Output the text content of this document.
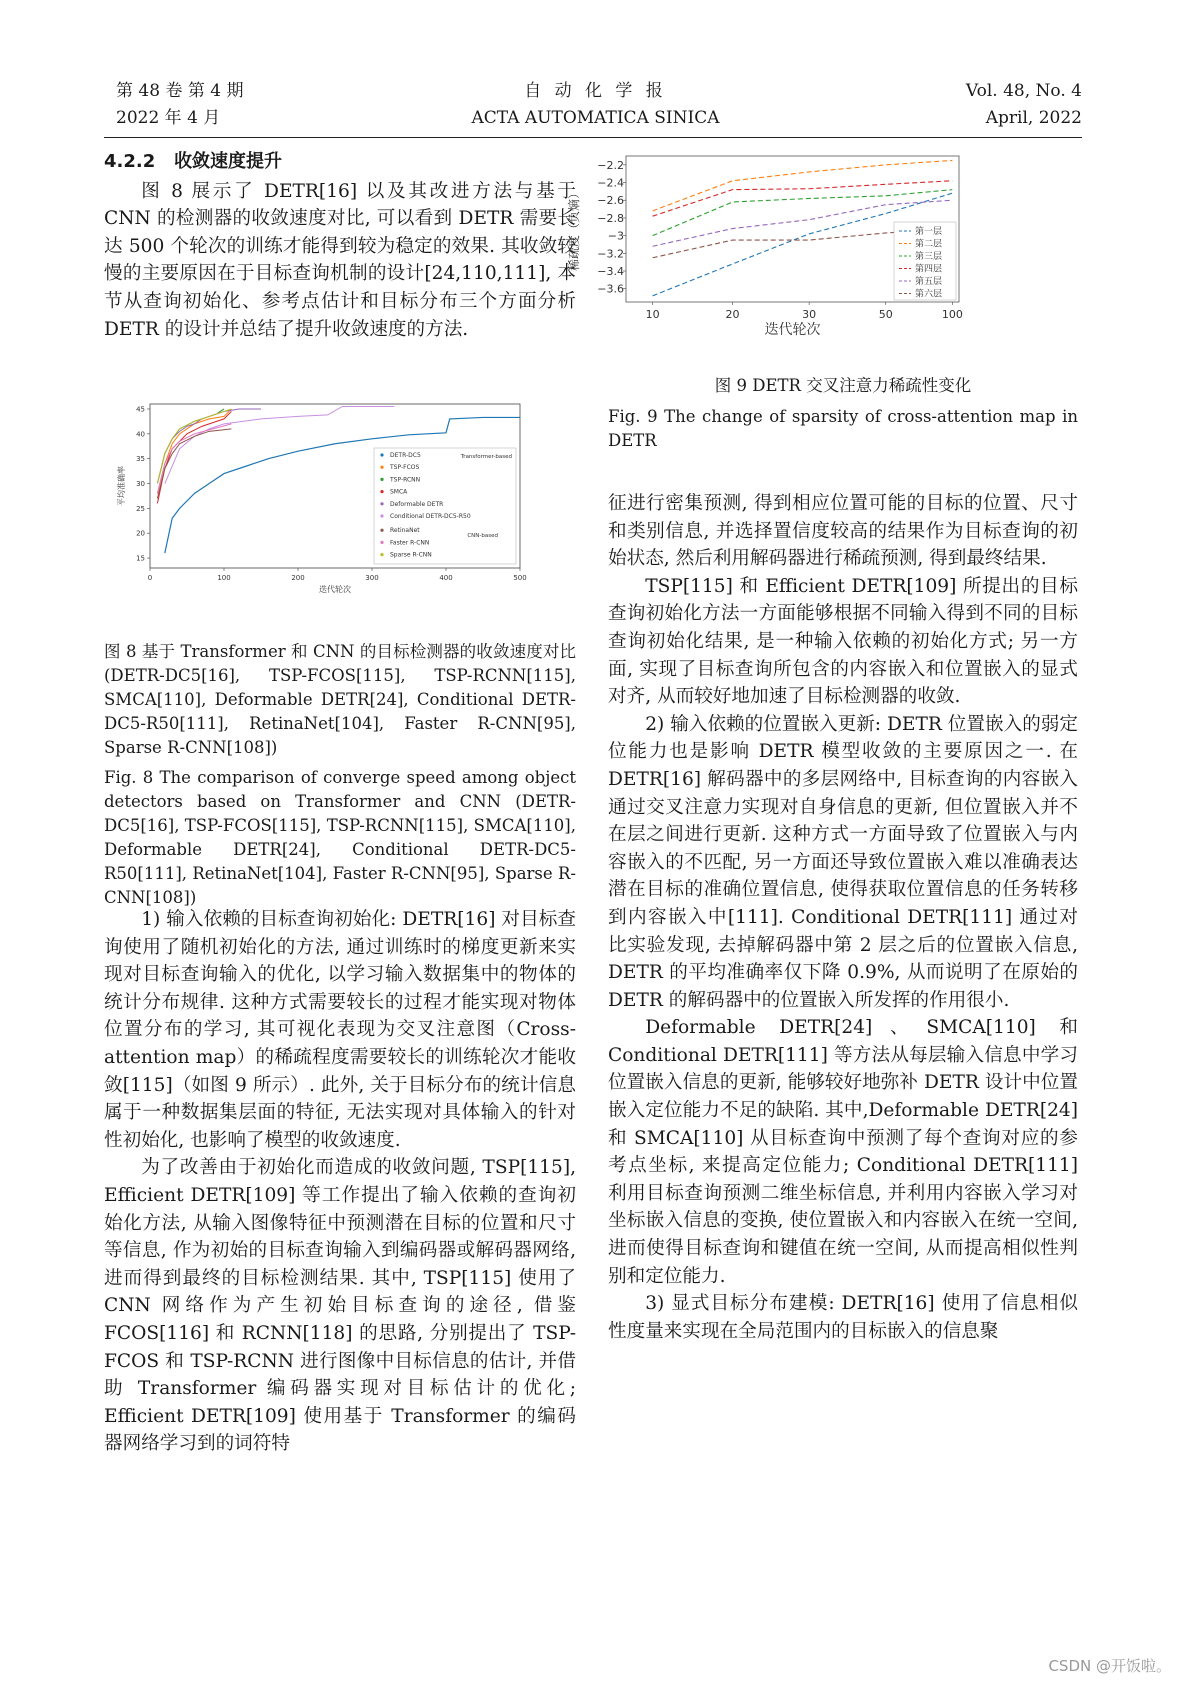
第 48 卷 第 4 期
2022 年 4 月
自 动 化 学 报
ACTA AUTOMATICA SINICA
Vol. 48, No. 4
April, 2022
4.2.2 收敛速度提升

图 8 展示了 DETR[16] 以及其改进方法与基于 CNN 的检测器的收敛速度对比, 可以看到 DETR 需要长达 500 个轮次的训练才能得到较为稳定的效果. 其收敛较慢的主要原因在于目标查询机制的设计[24,110,111], 本节从查询初始化、参考点估计和目标分布三个方面分析 DETR 的设计并总结了提升收敛速度的方法.

0	100	200	300	400	500
15
20
25
30
35
40
45
迭代轮次
平均准确率
Transformer-based
CNN-based
DETR-DC5
TSP-FCOS
TSP-RCNN
SMCA
Deformable DETR
Conditional DETR-DC5-R50
RetinaNet
Faster R-CNN
Sparse R-CNN
图 8 基于 Transformer 和 CNN 的目标检测器的收敛速度对比 (DETR-DC5[16], TSP-FCOS[115], TSP-RCNN[115], SMCA[110], Deformable DETR[24], Conditional DETR-DC5-R50[111], RetinaNet[104], Faster R-CNN[95], Sparse R-CNN[108])
Fig. 8 The comparison of converge speed among object detectors based on Transformer and CNN (DETR-DC5[16], TSP-FCOS[115], TSP-RCNN[115], SMCA[110], Deformable DETR[24], Conditional DETR-DC5-R50[111], RetinaNet[104], Faster R-CNN[95], Sparse R-CNN[108])

1) 输入依赖的目标查询初始化: DETR[16] 对目标查询使用了随机初始化的方法, 通过训练时的梯度更新来实现对目标查询输入的优化, 以学习输入数据集中的物体的统计分布规律. 这种方式需要较长的过程才能实现对物体位置分布的学习, 其可视化表现为交叉注意图（Cross-attention map）的稀疏程度需要较长的训练轮次才能收敛[115]（如图 9 所示）. 此外, 关于目标分布的统计信息属于一种数据集层面的特征, 无法实现对具体输入的针对性初始化, 也影响了模型的收敛速度.

为了改善由于初始化而造成的收敛问题, TSP[115], Efficient DETR[109] 等工作提出了输入依赖的查询初始化方法, 从输入图像特征中预测潜在目标的位置和尺寸等信息, 作为初始的目标查询输入到编码器或解码器网络, 进而得到最终的目标检测结果. 其中, TSP[115] 使用了 CNN 网络作为产生初始目标查询的途径, 借鉴 FCOS[116] 和 RCNN[118] 的思路, 分别提出了 TSP-FCOS 和 TSP-RCNN 进行图像中目标信息的估计, 并借助 Transformer 编码器实现对目标估计的优化; Efficient DETR[109] 使用基于 Transformer 的编码器网络学习到的词符特

10	20	30	50	100
第一层
第二层
第三层
第四层
第五层
第六层
迭代轮次
图 9 DETR 交叉注意力稀疏性变化
Fig. 9 The change of sparsity of cross-attention map in DETR

征进行密集预测, 得到相应位置可能的目标的位置、尺寸和类别信息, 并选择置信度较高的结果作为目标查询的初始状态, 然后利用解码器进行稀疏预测, 得到最终结果.

TSP[115] 和 Efficient DETR[109] 所提出的目标查询初始化方法一方面能够根据不同输入得到不同的目标查询初始化结果, 是一种输入依赖的初始化方式; 另一方面, 实现了目标查询所包含的内容嵌入和位置嵌入的显式对齐, 从而较好地加速了目标检测器的收敛.

2) 输入依赖的位置嵌入更新: DETR 位置嵌入的弱定位能力也是影响 DETR 模型收敛的主要原因之一. 在 DETR[16] 解码器中的多层网络中, 目标查询的内容嵌入通过交叉注意力实现对自身信息的更新, 但位置嵌入并不在层之间进行更新. 这种方式一方面导致了位置嵌入与内容嵌入的不匹配, 另一方面还导致位置嵌入难以准确表达潜在目标的准确位置信息, 使得获取位置信息的任务转移到内容嵌入中[111]. Conditional DETR[111] 通过对比实验发现, 去掉解码器中第 2 层之后的位置嵌入信息, DETR 的平均准确率仅下降 0.9%, 从而说明了在原始的 DETR 的解码器中的位置嵌入所发挥的作用很小.

Deformable DETR[24]、SMCA[110] 和 Conditional DETR[111] 等方法从每层输入信息中学习位置嵌入信息的更新, 能够较好地弥补 DETR 设计中位置嵌入定位能力不足的缺陷. 其中,Deformable DETR[24] 和 SMCA[110] 从目标查询中预测了每个查询对应的参考点坐标, 来提高定位能力; Conditional DETR[111] 利用目标查询预测二维坐标信息, 并利用内容嵌入学习对坐标嵌入信息的变换, 使位置嵌入和内容嵌入在统一空间, 进而使得目标查询和键值在统一空间, 从而提高相似性判别和定位能力.

3) 显式目标分布建模: DETR[16] 使用了信息相似性度量来实现在全局范围内的目标嵌入的信息聚

CSDN @开饭啦。
−2.2
−2.4
−2.6
−2.8
−3
−3.2
−3.4
−3.6
稀疏度（负熵）
